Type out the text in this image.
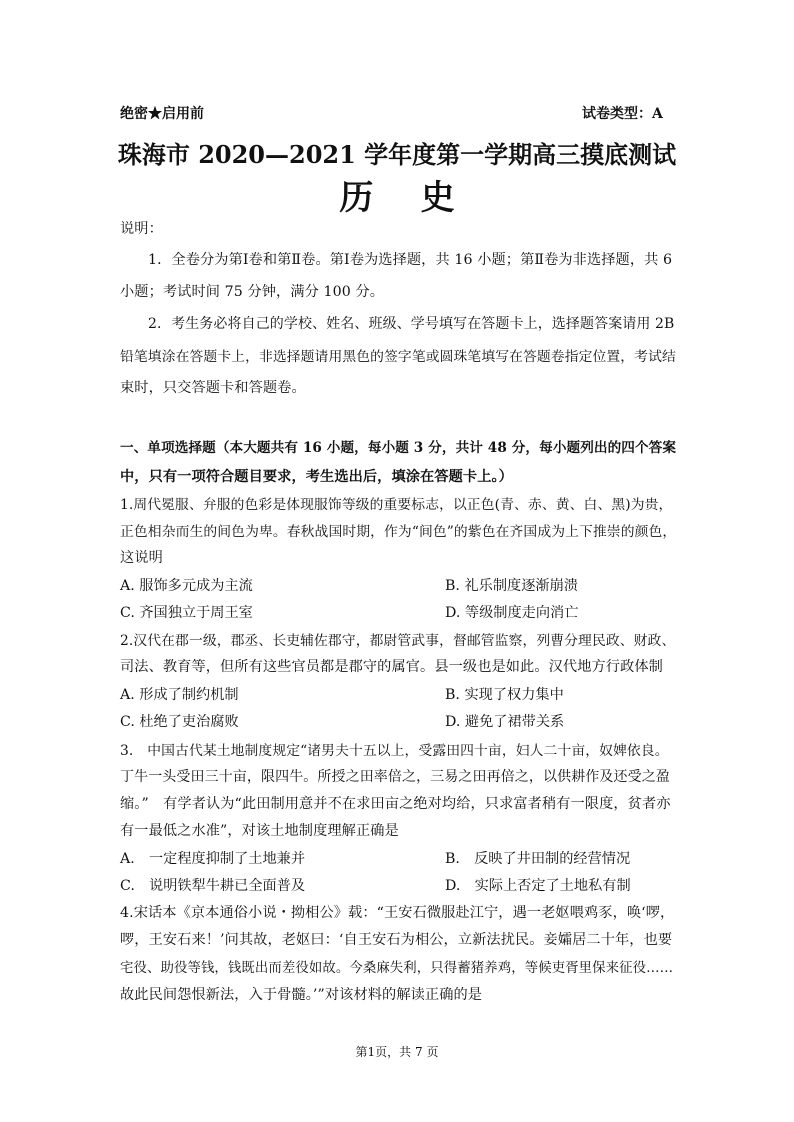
绝密★启用前	试卷类型：A
珠海市 2020—2021 学年度第一学期高三摸底测试
历    史
说明：
1．全卷分为第Ⅰ卷和第Ⅱ卷。第Ⅰ卷为选择题，共 16 小题；第Ⅱ卷为非选择题，共 6
小题；考试时间 75 分钟，满分 100 分。
2．考生务必将自己的学校、姓名、班级、学号填写在答题卡上，选择题答案请用 2B
铅笔填涂在答题卡上，非选择题请用黑色的签字笔或圆珠笔填写在答题卷指定位置，考试结
束时，只交答题卡和答题卷。
一、单项选择题（本大题共有 16 小题，每小题 3 分，共计 48 分，每小题列出的四个答案
中，只有一项符合题目要求，考生选出后，填涂在答题卡上。）
1.周代冕服、弁服的色彩是体现服饰等级的重要标志，以正色(青、赤、黄、白、黑)为贵，
正色相杂而生的间色为卑。春秋战国时期，作为“间色”的紫色在齐国成为上下推崇的颜色，
这说明
A. 服饰多元成为主流	B. 礼乐制度逐渐崩溃
C. 齐国独立于周王室	D. 等级制度走向消亡
2.汉代在郡一级，郡丞、长吏辅佐郡守，都尉管武事，督邮管监察，列曹分理民政、财政、
司法、教育等，但所有这些官员都是郡守的属官。县一级也是如此。汉代地方行政体制
A. 形成了制约机制	B. 实现了权力集中
C. 杜绝了吏治腐败	D. 避免了裙带关系
3.　中国古代某土地制度规定“诸男夫十五以上，受露田四十亩，妇人二十亩，奴婢依良。
丁牛一头受田三十亩，限四牛。所授之田率倍之，三易之田再倍之，以供耕作及还受之盈
缩。”　有学者认为“此田制用意并不在求田亩之绝对均给，只求富者稍有一限度，贫者亦
有一最低之水准”，对该土地制度理解正确是
A.　一定程度抑制了土地兼并	B.　反映了井田制的经营情况
C.　说明铁犁牛耕已全面普及	D.　实际上否定了土地私有制
4.宋话本《京本通俗小说・拗相公》载：“王安石微服赴江宁，遇一老妪喂鸡豕，唤‘啰，
啰，王安石来！’问其故，老妪曰：‘自王安石为相公，立新法扰民。妾孀居二十年，也要
宅役、助役等钱，钱既出而差役如故。今桑麻失利，只得蓄猪养鸡，等候吏胥里保来征役……
故此民间怨恨新法，入于骨髓。’”对该材料的解读正确的是
第1页，共 7 页
